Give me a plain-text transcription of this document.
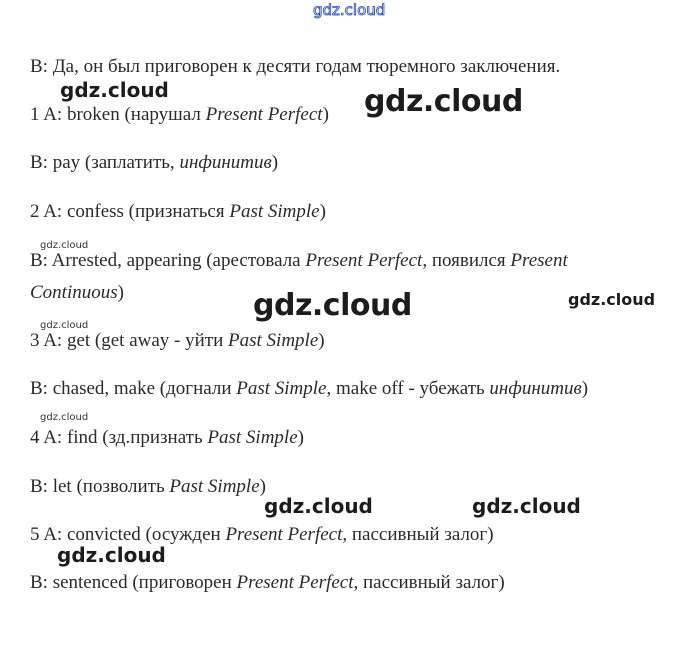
gdz.cloud
B: Да, он был приговорен к десяти годам тюремного заключения.
1 A: broken (нарушал Present Perfect)
B: pay (заплатить, инфинитив)
2 A: confess (признаться Past Simple)
B: Arrested, appearing (арестовала Present Perfect, появился Present
Continuous)
3 A: get (get away - уйти Past Simple)
B: chased, make (догнали Past Simple, make off - убежать инфинитив)
4 A: find (зд.признать Past Simple)
B: let (позволить Past Simple)
5 A: convicted (осужден Present Perfect, пассивный залог)
B: sentenced (приговорен Present Perfect, пассивный залог)
gdz.cloud	gdz.cloud
gdz.cloud
gdz.cloud	gdz.cloud
gdz.cloud
gdz.cloud
gdz.cloud	gdz.cloud
gdz.cloud
